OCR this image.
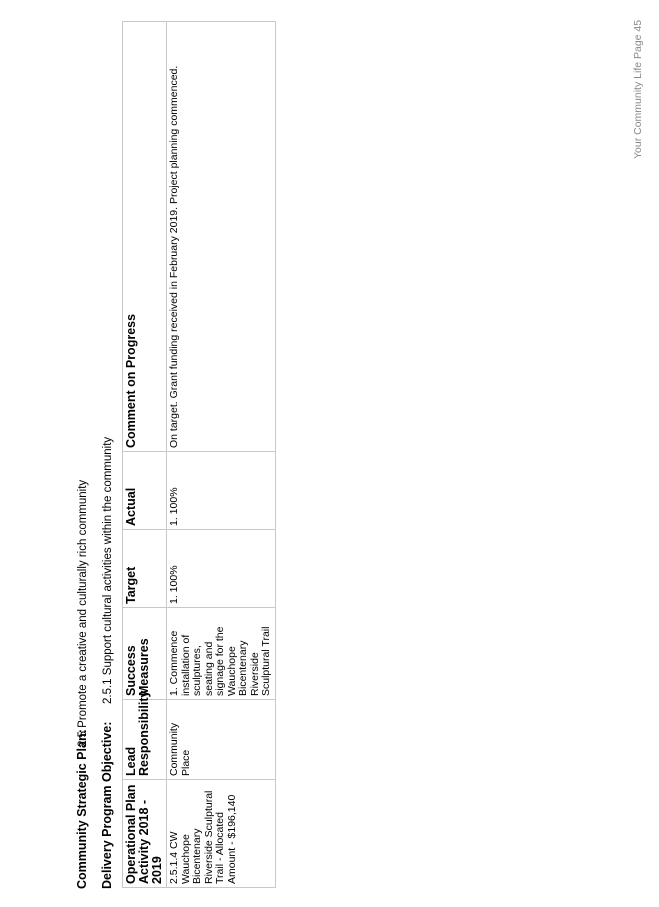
Community Strategic Plan:2.5 Promote a creative and culturally rich community
Delivery Program Objective:2.5.1 Support cultural activities within the community
Operational Plan Activity 2018 - 2019	Lead Responsibility	Success Measures	Target	Actual	Comment on Progress
2.5.1.4 CW Wauchope Bicentenary Riverside Sculptural Trail - Allocated Amount - $196,140	Community Place	1. Commence installation of sculptures, seating and signage for the Wauchope Bicentenary Riverside Sculptural Trail	1. 100%	1. 100%	On target. Grant funding received in February 2019. Project planning commenced.	Your Community Life Page 45
